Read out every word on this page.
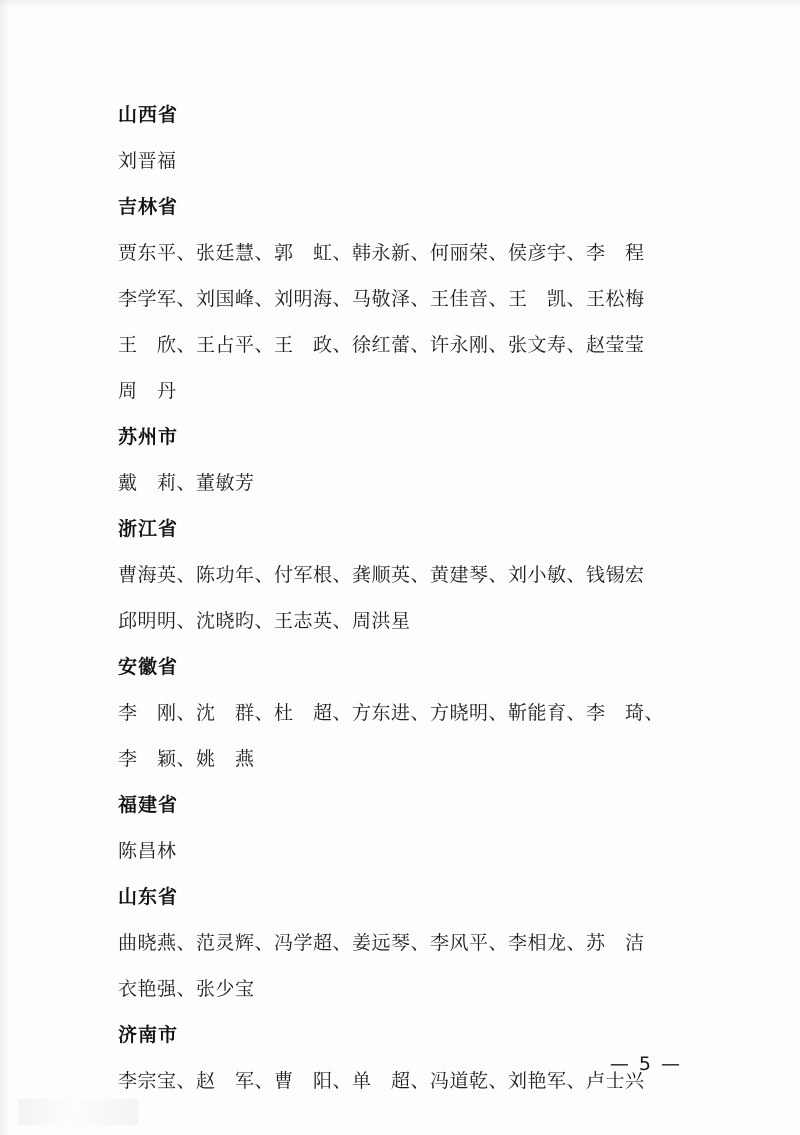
山西省
刘晋福
吉林省
贾东平、张廷慧、郭　虹、韩永新、何丽荣、侯彦宇、李　程
李学军、刘国峰、刘明海、马敬泽、王佳音、王　凯、王松梅
王　欣、王占平、王　政、徐红蕾、许永刚、张文寿、赵莹莹
周　丹
苏州市
戴　莉、董敏芳
浙江省
曹海英、陈功年、付军根、龚顺英、黄建琴、刘小敏、钱锡宏
邱明明、沈晓昀、王志英、周洪星
安徽省
李　刚、沈　群、杜　超、方东进、方晓明、靳能育、李　琦、
李　颖、姚　燕
福建省
陈昌林
山东省
曲晓燕、范灵辉、冯学超、姜远琴、李风平、李相龙、苏　洁
衣艳强、张少宝
济南市
李宗宝、赵　军、曹　阳、单　超、冯道乾、刘艳军、卢士兴
— 5 —
